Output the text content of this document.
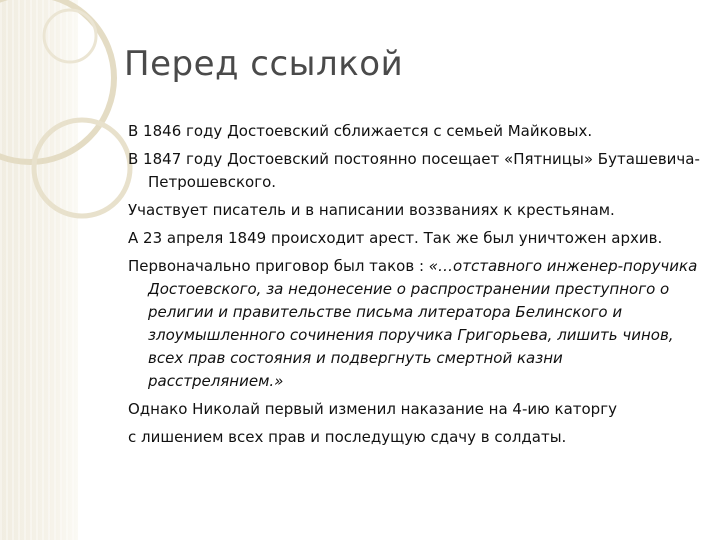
Перед ссылкой

В 1846 году Достоевский сближается с семьей Майковых.

В 1847 году Достоевский постоянно посещает «Пятницы» Буташевича-Петрошевского.

Участвует писатель и в написании воззваниях к крестьянам.

А 23 апреля 1849 происходит арест. Так же был уничтожен архив.

Первоначально приговор был таков : «…отставного инженер-поручика Достоевского, за недонесение о распространении преступного о религии и правительстве письма литератора Белинского и злоумышленного сочинения поручика Григорьева, лишить чинов, всех прав состояния и подвергнуть смертной казни расстрелянием.»

Однако Николай первый изменил наказание на 4-ию каторгу

с лишением всех прав и последущую сдачу в солдаты.
